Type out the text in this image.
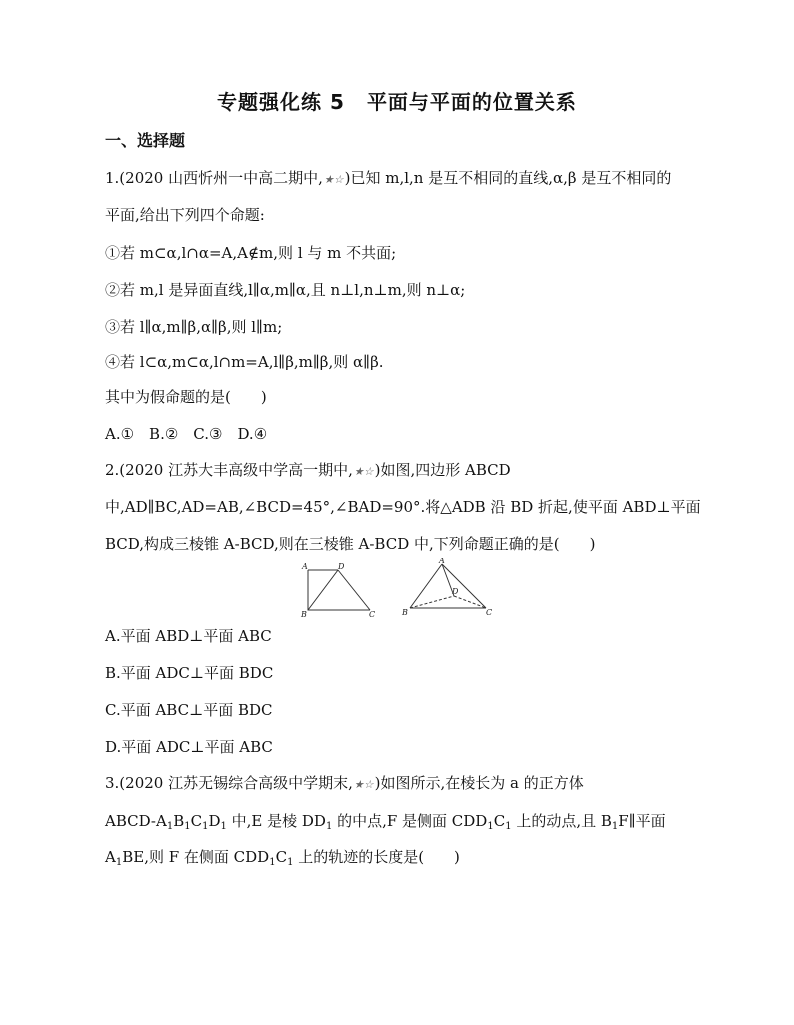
专题强化练 5 平面与平面的位置关系
一、选择题
1.(2020 山西忻州一中高二期中,★☆)已知 m,l,n 是互不相同的直线,α,β 是互不相同的
平面,给出下列四个命题:
①若 m⊂α,l∩α=A,A∉m,则 l 与 m 不共面;
②若 m,l 是异面直线,l∥α,m∥α,且 n⊥l,n⊥m,则 n⊥α;
③若 l∥α,m∥β,α∥β,则 l∥m;
④若 l⊂α,m⊂α,l∩m=A,l∥β,m∥β,则 α∥β.
其中为假命题的是(　　)
A.①　B.②　C.③　D.④
2.(2020 江苏大丰高级中学高一期中,★☆)如图,四边形 ABCD
中,AD∥BC,AD=AB,∠BCD=45°,∠BAD=90°.将△ADB 沿 BD 折起,使平面 ABD⊥平面
BCD,构成三棱锥 A-BCD,则在三棱锥 A-BCD 中,下列命题正确的是(　　)
A	D
B	C
A
D
B	C
A.平面 ABD⊥平面 ABC
B.平面 ADC⊥平面 BDC
C.平面 ABC⊥平面 BDC
D.平面 ADC⊥平面 ABC
3.(2020 江苏无锡综合高级中学期末,★☆)如图所示,在棱长为 a 的正方体
ABCD-$A_1B_1C_1D_1$ 中,E 是棱 $DD_1$ 的中点,F 是侧面 $CDD_1C_1$ 上的动点,且 $B_1F\parallel$平面
$A_1BE$,则 F 在侧面 $CDD_1C_1$ 上的轨迹的长度是(　　)
